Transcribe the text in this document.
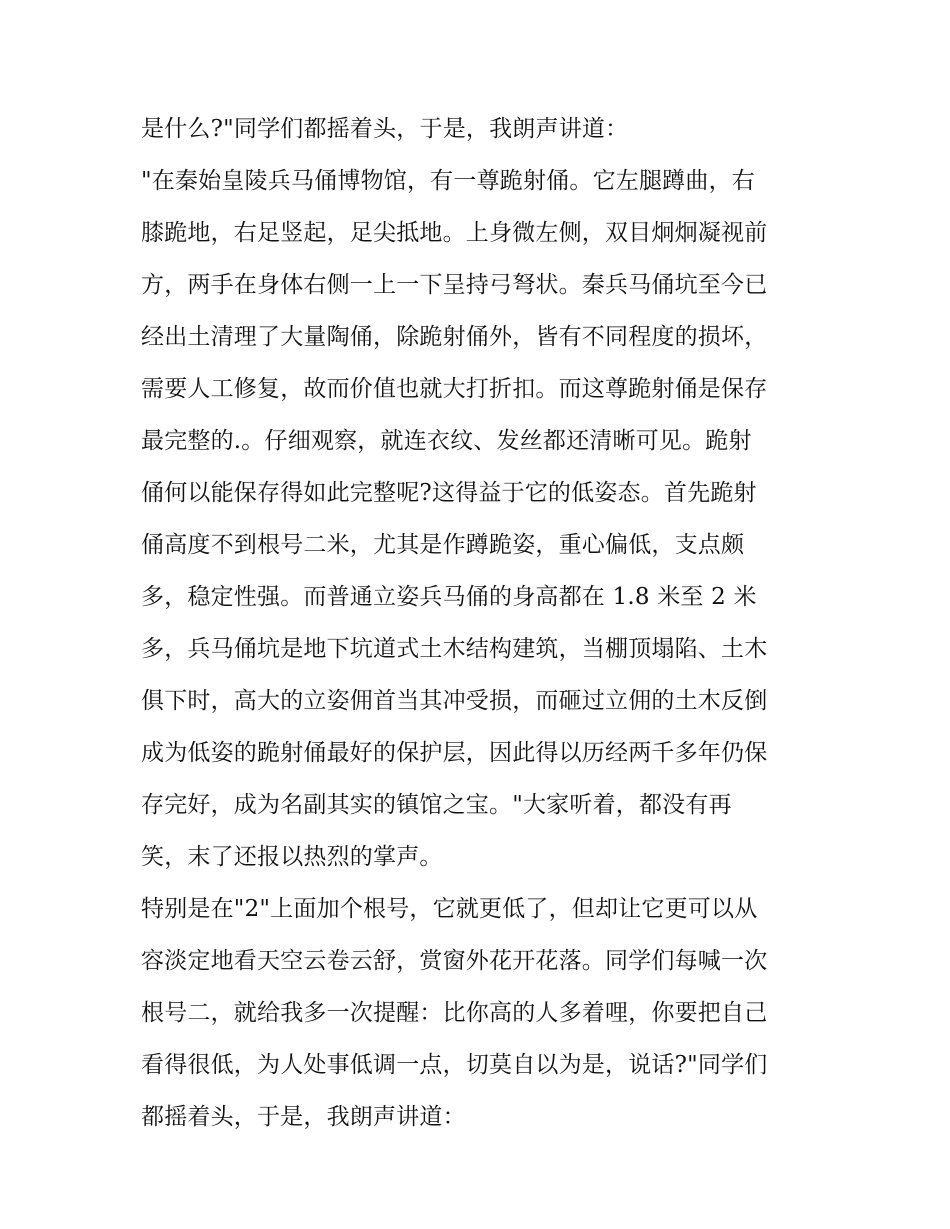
是什么?"同学们都摇着头，于是，我朗声讲道：
"在秦始皇陵兵马俑博物馆，有一尊跪射俑。它左腿蹲曲，右
膝跪地，右足竖起，足尖抵地。上身微左侧，双目炯炯凝视前
方，两手在身体右侧一上一下呈持弓弩状。秦兵马俑坑至今已
经出土清理了大量陶俑，除跪射俑外，皆有不同程度的损坏，
需要人工修复，故而价值也就大打折扣。而这尊跪射俑是保存
最完整的.。仔细观察，就连衣纹、发丝都还清晰可见。跪射
俑何以能保存得如此完整呢?这得益于它的低姿态。首先跪射
俑高度不到根号二米，尤其是作蹲跪姿，重心偏低，支点颇
多，稳定性强。而普通立姿兵马俑的身高都在 1.8 米至 2 米
多，兵马俑坑是地下坑道式土木结构建筑，当棚顶塌陷、土木
俱下时，高大的立姿佣首当其冲受损，而砸过立佣的土木反倒
成为低姿的跪射俑最好的保护层，因此得以历经两千多年仍保
存完好，成为名副其实的镇馆之宝。"大家听着，都没有再
笑，末了还报以热烈的掌声。
特别是在"2"上面加个根号，它就更低了，但却让它更可以从
容淡定地看天空云卷云舒，赏窗外花开花落。同学们每喊一次
根号二，就给我多一次提醒：比你高的人多着哩，你要把自己
看得很低，为人处事低调一点，切莫自以为是，说话?"同学们
都摇着头，于是，我朗声讲道：
